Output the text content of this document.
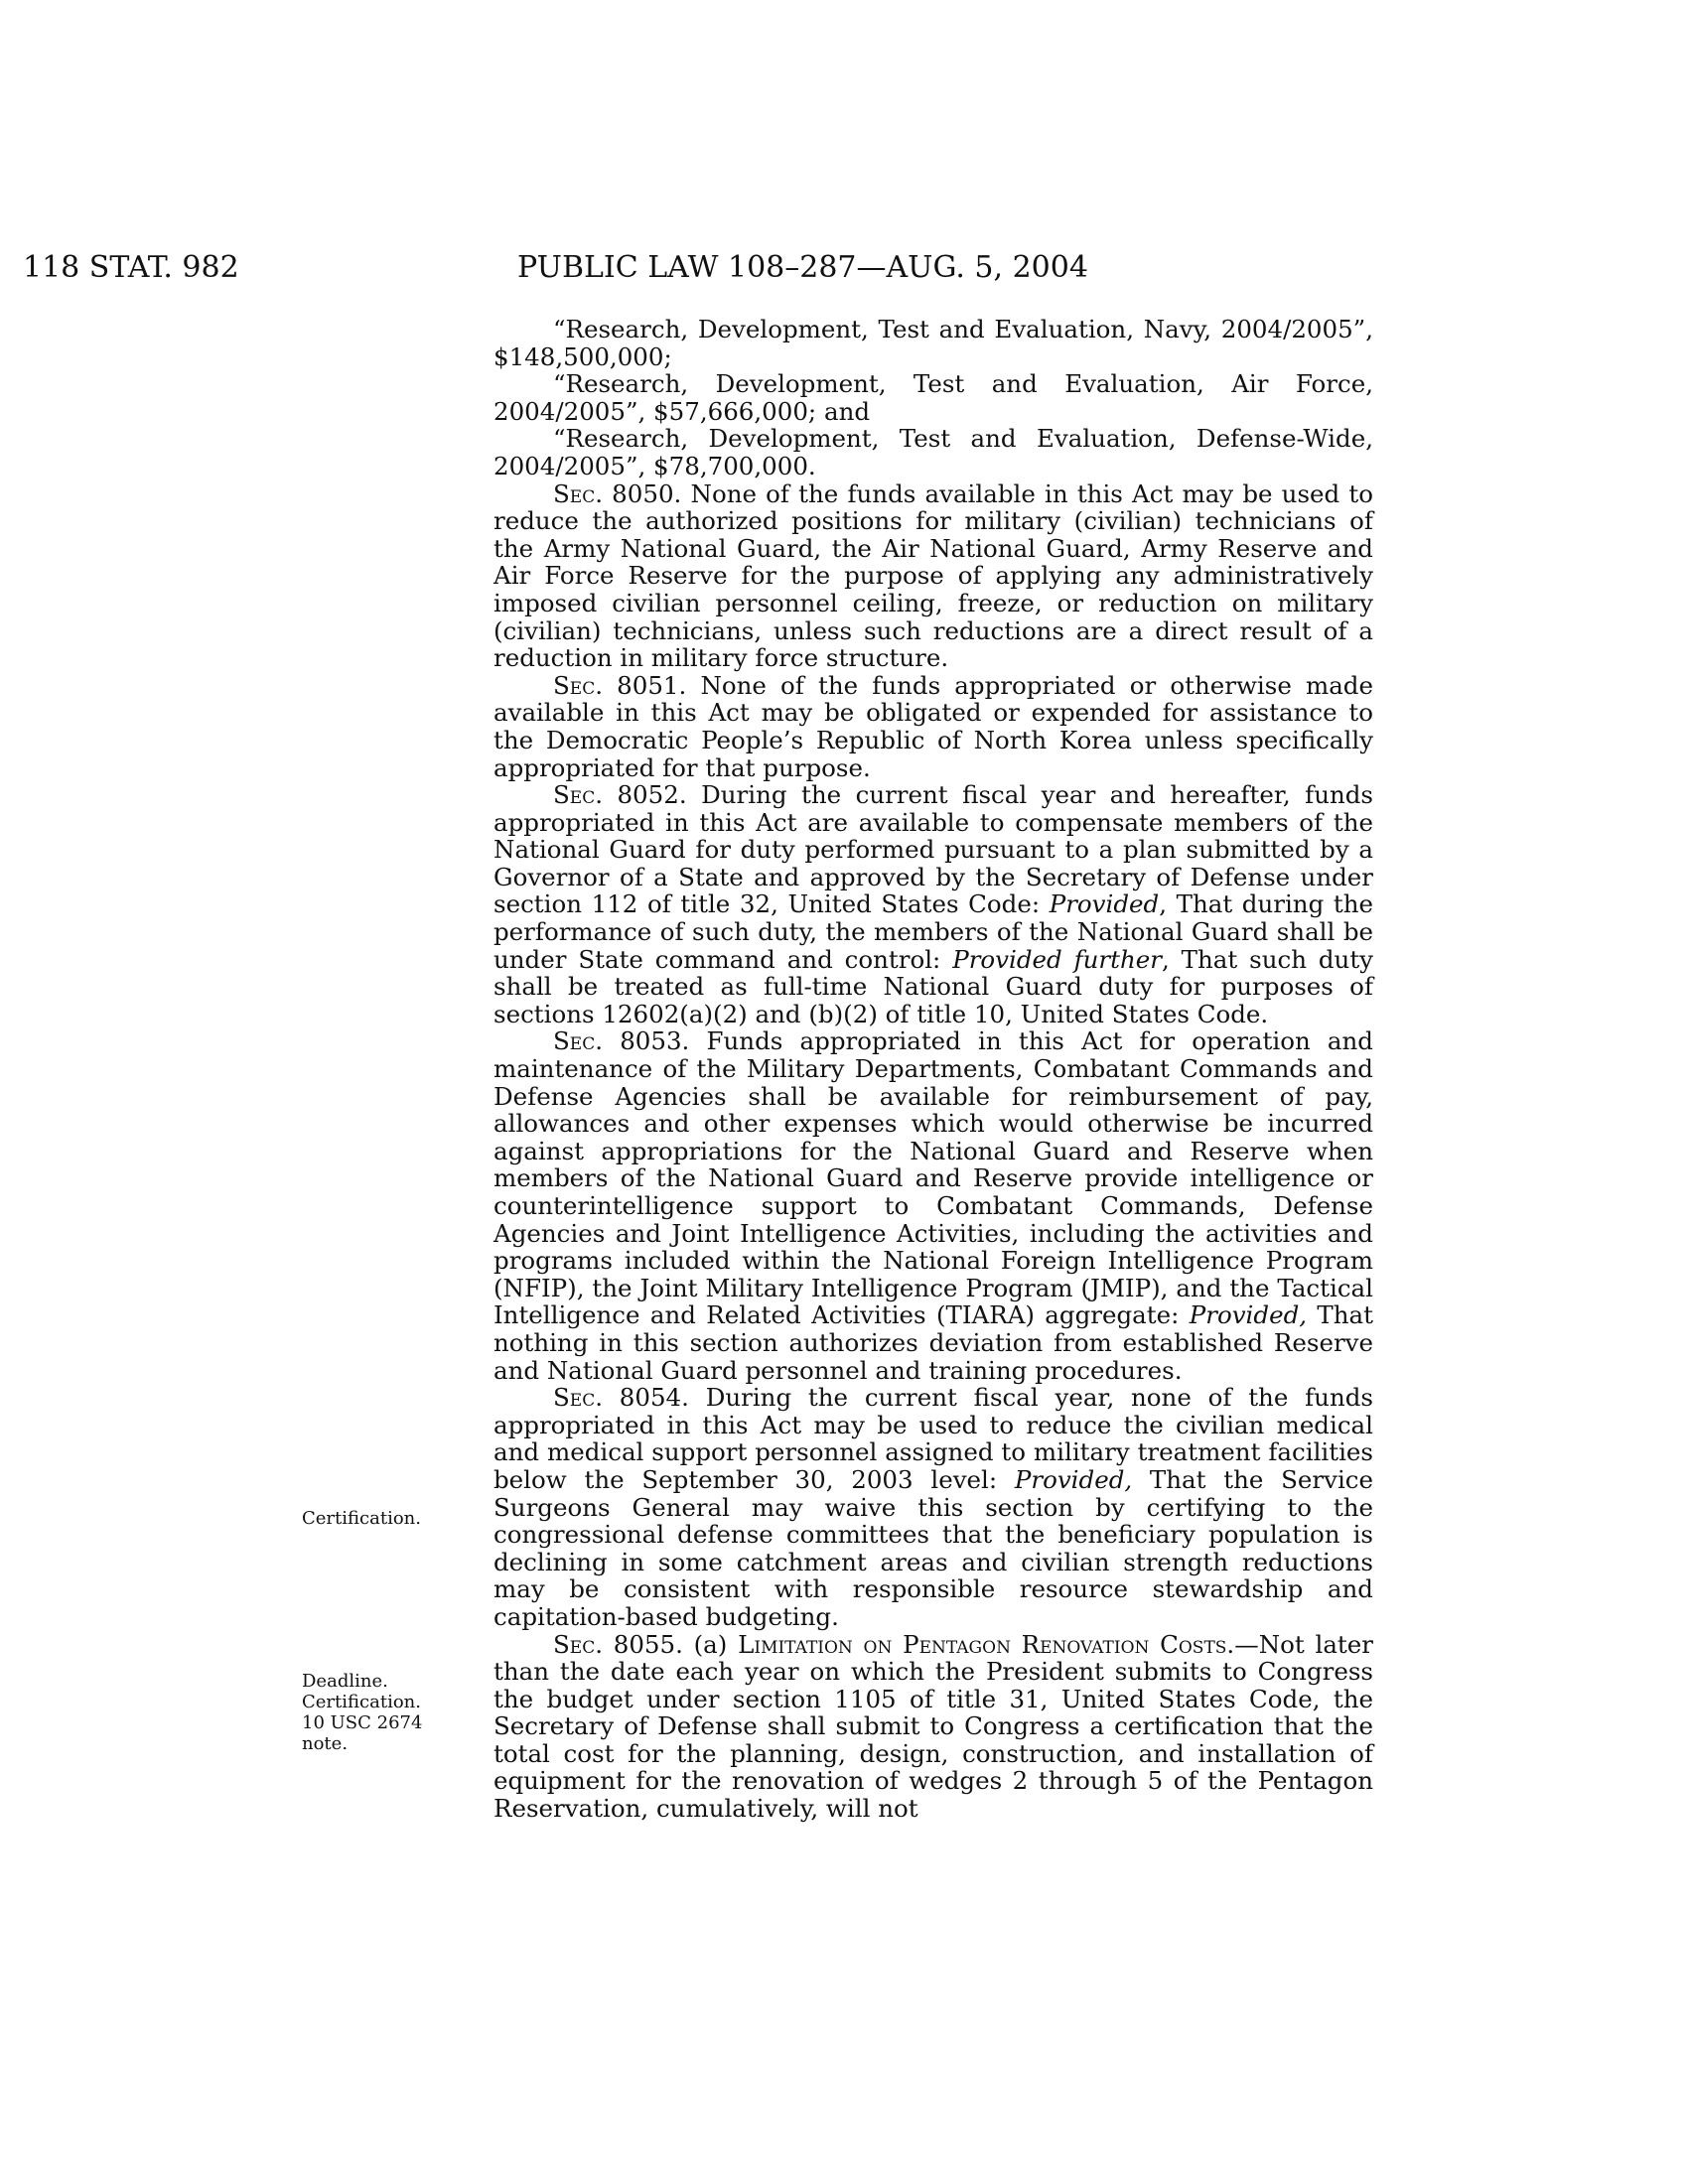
118 STAT. 982	PUBLIC LAW 108–287—AUG. 5, 2004
Certification.
Deadline.
Certification.
10 USC 2674
note.

“Research, Development, Test and Evaluation, Navy, 2004/2005”, $148,500,000;

“Research, Development, Test and Evaluation, Air Force, 2004/2005”, $57,666,000; and

“Research, Development, Test and Evaluation, Defense-Wide, 2004/2005”, $78,700,000.

Sec. 8050. None of the funds available in this Act may be used to reduce the authorized positions for military (civilian) technicians of the Army National Guard, the Air National Guard, Army Reserve and Air Force Reserve for the purpose of applying any administratively imposed civilian personnel ceiling, freeze, or reduction on military (civilian) technicians, unless such reductions are a direct result of a reduction in military force structure.

Sec. 8051. None of the funds appropriated or otherwise made available in this Act may be obligated or expended for assistance to the Democratic People’s Republic of North Korea unless specifically appropriated for that purpose.

Sec. 8052. During the current fiscal year and hereafter, funds appropriated in this Act are available to compensate members of the National Guard for duty performed pursuant to a plan submitted by a Governor of a State and approved by the Secretary of Defense under section 112 of title 32, United States Code: Provided, That during the performance of such duty, the members of the National Guard shall be under State command and control: Provided further, That such duty shall be treated as full-time National Guard duty for purposes of sections 12602(a)(2) and (b)(2) of title 10, United States Code.

Sec. 8053. Funds appropriated in this Act for operation and maintenance of the Military Departments, Combatant Commands and Defense Agencies shall be available for reimbursement of pay, allowances and other expenses which would otherwise be incurred against appropriations for the National Guard and Reserve when members of the National Guard and Reserve provide intelligence or counterintelligence support to Combatant Commands, Defense Agencies and Joint Intelligence Activities, including the activities and programs included within the National Foreign Intelligence Program (NFIP), the Joint Military Intelligence Program (JMIP), and the Tactical Intelligence and Related Activities (TIARA) aggregate: Provided, That nothing in this section authorizes deviation from established Reserve and National Guard personnel and training procedures.

Sec. 8054. During the current fiscal year, none of the funds appropriated in this Act may be used to reduce the civilian medical and medical support personnel assigned to military treatment facilities below the September 30, 2003 level: Provided, That the Service Surgeons General may waive this section by certifying to the congressional defense committees that the beneficiary population is declining in some catchment areas and civilian strength reductions may be consistent with responsible resource stewardship and capitation-based budgeting.

Sec. 8055. (a) Limitation on Pentagon Renovation Costs.—Not later than the date each year on which the President submits to Congress the budget under section 1105 of title 31, United States Code, the Secretary of Defense shall submit to Congress a certification that the total cost for the planning, design, construction, and installation of equipment for the renovation of wedges 2 through 5 of the Pentagon Reservation, cumulatively, will not
